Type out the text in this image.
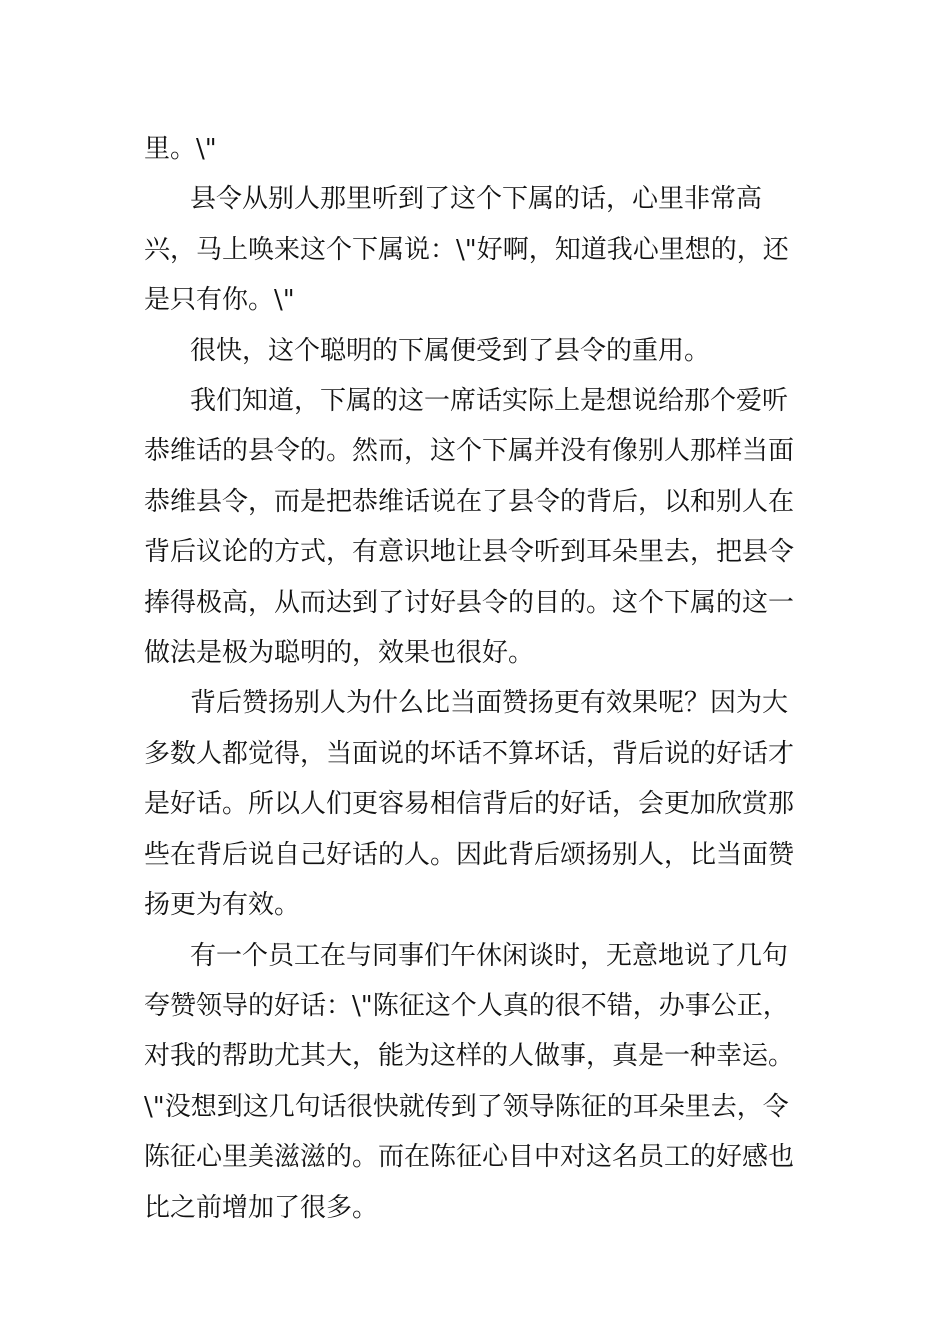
里。\"

县令从别人那里听到了这个下属的话，心里非常高兴，马上唤来这个下属说：\"好啊，知道我心里想的，还是只有你。\"

很快，这个聪明的下属便受到了县令的重用。

我们知道，下属的这一席话实际上是想说给那个爱听恭维话的县令的。然而，这个下属并没有像别人那样当面恭维县令，而是把恭维话说在了县令的背后，以和别人在背后议论的方式，有意识地让县令听到耳朵里去，把县令捧得极高，从而达到了讨好县令的目的。这个下属的这一做法是极为聪明的，效果也很好。

背后赞扬别人为什么比当面赞扬更有效果呢？因为大多数人都觉得，当面说的坏话不算坏话，背后说的好话才是好话。所以人们更容易相信背后的好话，会更加欣赏那些在背后说自己好话的人。因此背后颂扬别人，比当面赞扬更为有效。

有一个员工在与同事们午休闲谈时，无意地说了几句夸赞领导的好话：\"陈征这个人真的很不错，办事公正，对我的帮助尤其大，能为这样的人做事，真是一种幸运。\"没想到这几句话很快就传到了领导陈征的耳朵里去，令陈征心里美滋滋的。而在陈征心目中对这名员工的好感也比之前增加了很多。
